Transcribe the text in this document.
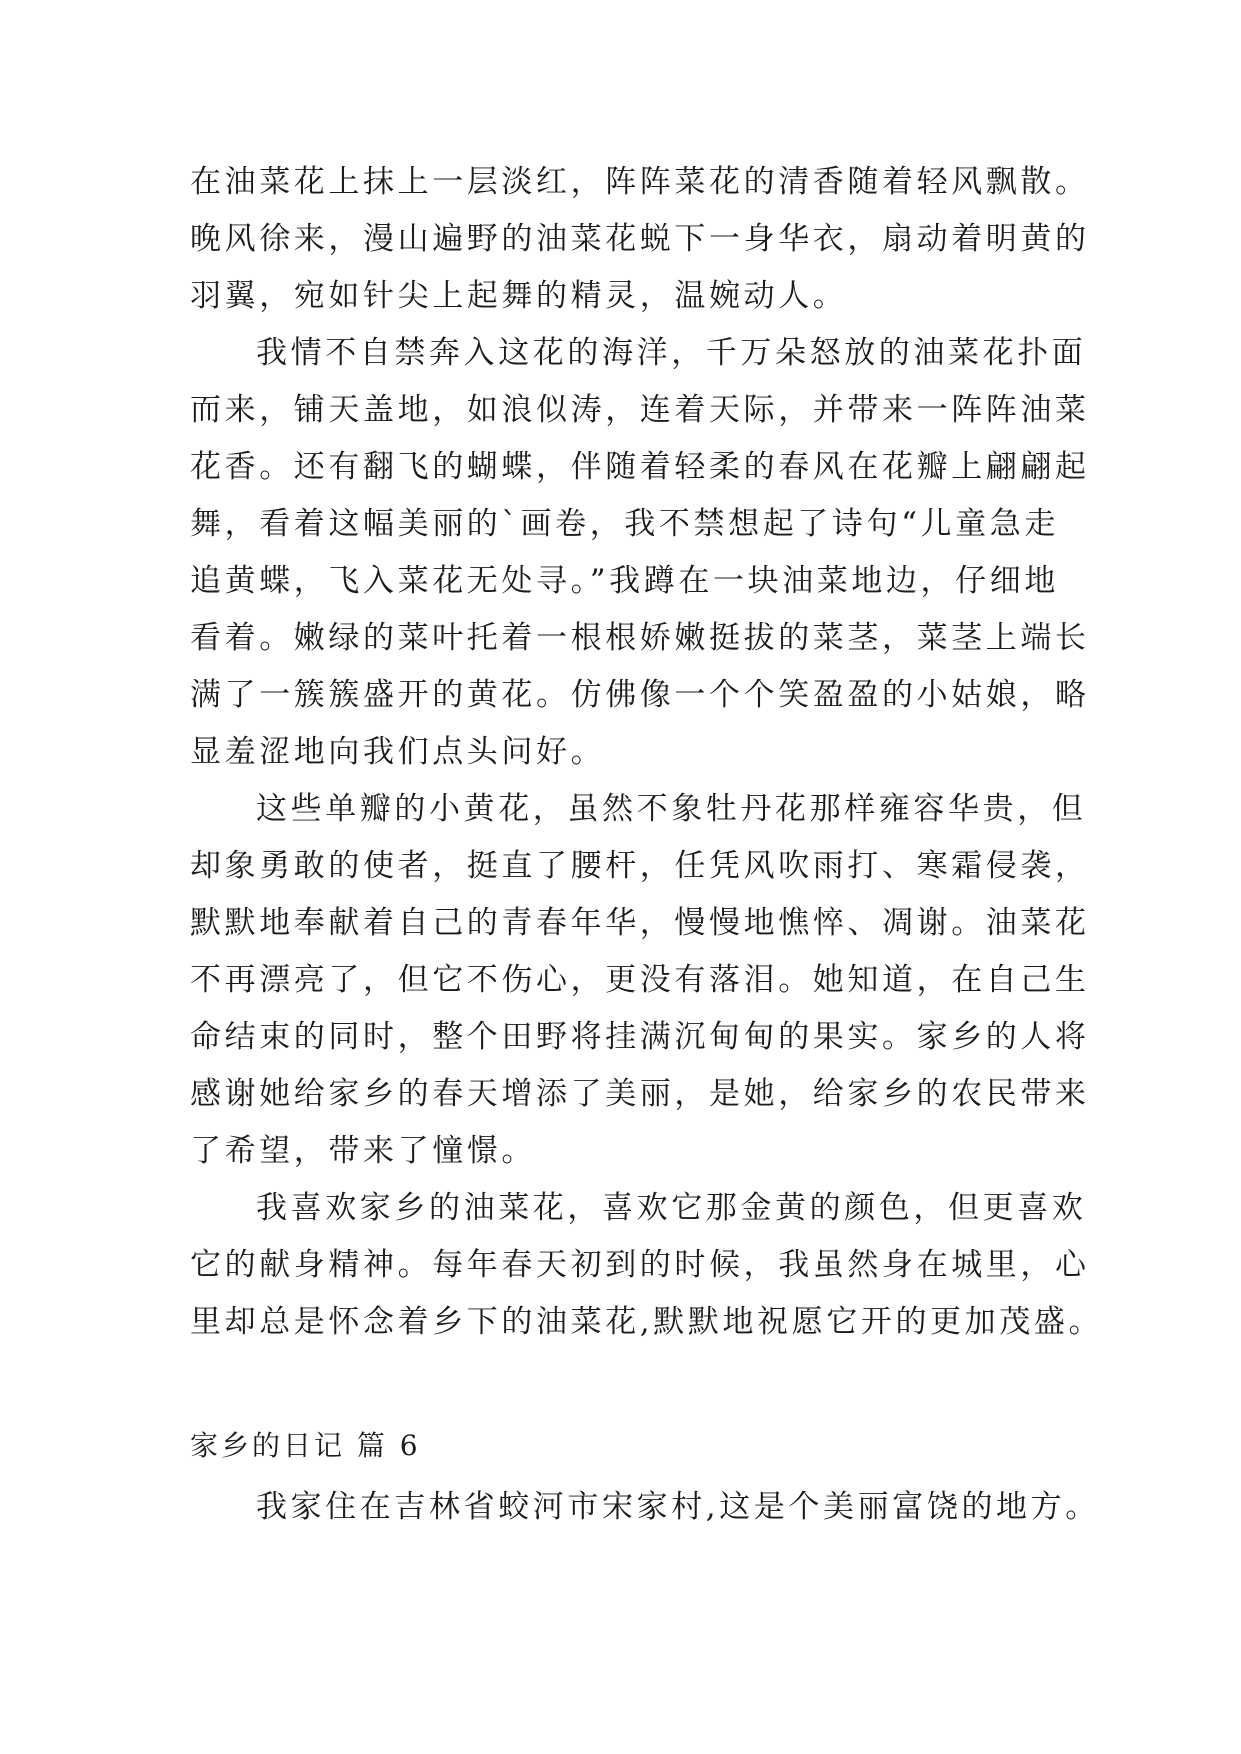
在油菜花上抹上一层淡红，阵阵菜花的清香随着轻风飘散。
晚风徐来，漫山遍野的油菜花蜕下一身华衣，扇动着明黄的
羽翼，宛如针尖上起舞的精灵，温婉动人。
我情不自禁奔入这花的海洋，千万朵怒放的油菜花扑面
而来，铺天盖地，如浪似涛，连着天际，并带来一阵阵油菜
花香。还有翻飞的蝴蝶，伴随着轻柔的春风在花瓣上翩翩起
舞，看着这幅美丽的`画卷，我不禁想起了诗句“儿童急走
追黄蝶，飞入菜花无处寻。”我蹲在一块油菜地边，仔细地
看着。嫩绿的菜叶托着一根根娇嫩挺拔的菜茎，菜茎上端长
满了一簇簇盛开的黄花。仿佛像一个个笑盈盈的小姑娘，略
显羞涩地向我们点头问好。
这些单瓣的小黄花，虽然不象牡丹花那样雍容华贵，但
却象勇敢的使者，挺直了腰杆，任凭风吹雨打、寒霜侵袭，
默默地奉献着自己的青春年华，慢慢地憔悴、凋谢。油菜花
不再漂亮了，但它不伤心，更没有落泪。她知道，在自己生
命结束的同时，整个田野将挂满沉甸甸的果实。家乡的人将
感谢她给家乡的春天增添了美丽，是她，给家乡的农民带来
了希望，带来了憧憬。
我喜欢家乡的油菜花，喜欢它那金黄的颜色，但更喜欢
它的献身精神。每年春天初到的时候，我虽然身在城里，心
里却总是怀念着乡下的油菜花,默默地祝愿它开的更加茂盛。
家乡的日记 篇 6
我家住在吉林省蛟河市宋家村,这是个美丽富饶的地方。
